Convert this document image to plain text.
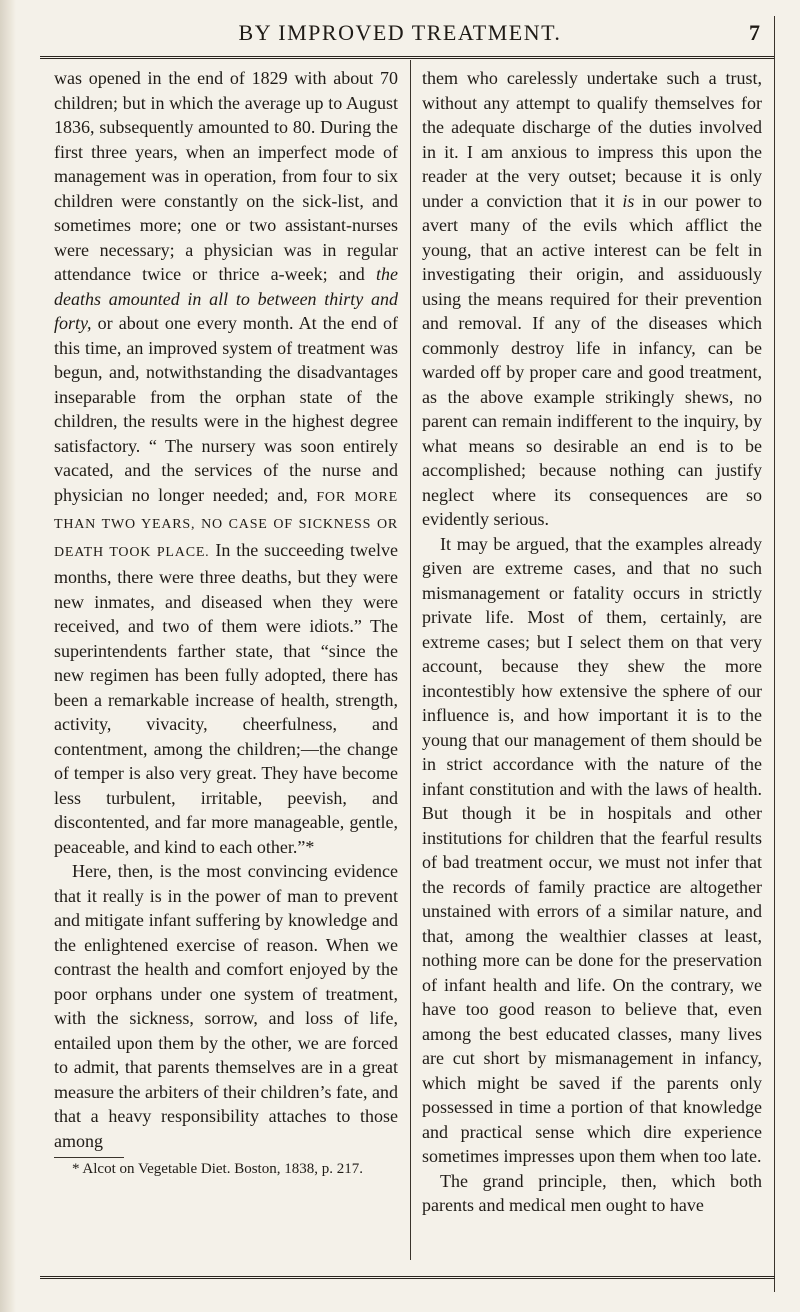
BY IMPROVED TREATMENT.	7

was opened in the end of 1829 with about 70 children; but in which the average up to August 1836, subsequently amounted to 80. During the first three years, when an imperfect mode of management was in operation, from four to six children were constantly on the sick-list, and sometimes more; one or two assistant-nurses were necessary; a physician was in regular attendance twice or thrice a-week; and the deaths amounted in all to between thirty and forty, or about one every month. At the end of this time, an improved system of treatment was begun, and, notwithstanding the disadvantages inseparable from the orphan state of the children, the results were in the highest degree satisfactory. “ The nursery was soon entirely vacated, and the services of the nurse and physician no longer needed; and, FOR MORE THAN TWO YEARS, NO CASE OF SICKNESS OR DEATH TOOK PLACE. In the succeeding twelve months, there were three deaths, but they were new inmates, and diseased when they were received, and two of them were idiots.” The superintendents farther state, that “since the new regimen has been fully adopted, there has been a remarkable increase of health, strength, activity, vivacity, cheerfulness, and contentment, among the children;—the change of temper is also very great. They have become less turbulent, irritable, peevish, and discontented, and far more manageable, gentle, peaceable, and kind to each other.”*

Here, then, is the most convincing evidence that it really is in the power of man to prevent and mitigate infant suffering by knowledge and the enlightened exercise of reason. When we contrast the health and comfort enjoyed by the poor orphans under one system of treatment, with the sickness, sorrow, and loss of life, entailed upon them by the other, we are forced to admit, that parents themselves are in a great measure the arbiters of their children’s fate, and that a heavy responsibility attaches to those among

* Alcot on Vegetable Diet. Boston, 1838, p. 217.

them who carelessly undertake such a trust, without any attempt to qualify themselves for the adequate discharge of the duties involved in it. I am anxious to impress this upon the reader at the very outset; because it is only under a conviction that it is in our power to avert many of the evils which afflict the young, that an active interest can be felt in investigating their origin, and assiduously using the means required for their prevention and removal. If any of the diseases which commonly destroy life in infancy, can be warded off by proper care and good treatment, as the above example strikingly shews, no parent can remain indifferent to the inquiry, by what means so desirable an end is to be accomplished; because nothing can justify neglect where its consequences are so evidently serious.

It may be argued, that the examples already given are extreme cases, and that no such mismanagement or fatality occurs in strictly private life. Most of them, certainly, are extreme cases; but I select them on that very account, because they shew the more incontestibly how extensive the sphere of our influence is, and how important it is to the young that our management of them should be in strict accordance with the nature of the infant constitution and with the laws of health. But though it be in hospitals and other institutions for children that the fearful results of bad treatment occur, we must not infer that the records of family practice are altogether unstained with errors of a similar nature, and that, among the wealthier classes at least, nothing more can be done for the preservation of infant health and life. On the contrary, we have too good reason to believe that, even among the best educated classes, many lives are cut short by mismanagement in infancy, which might be saved if the parents only possessed in time a portion of that knowledge and practical sense which dire experience sometimes impresses upon them when too late.

The grand principle, then, which both parents and medical men ought to have
